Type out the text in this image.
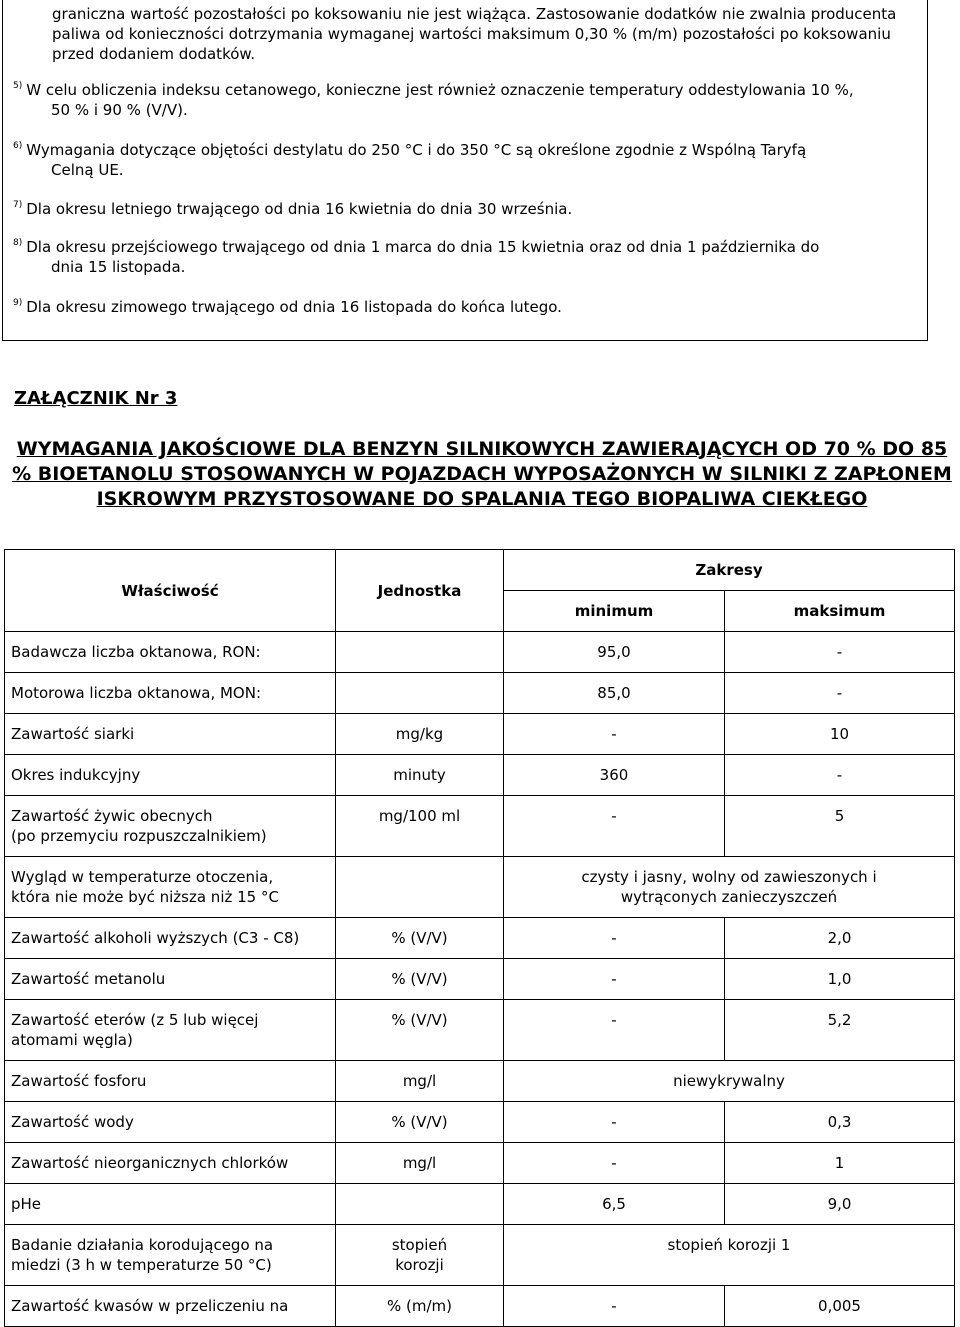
graniczna wartość pozostałości po koksowaniu nie jest wiążąca. Zastosowanie dodatków nie zwalnia producenta paliwa od konieczności dotrzymania wymaganej wartości maksimum 0,30 % (m/m) pozostałości po koksowaniu przed dodaniem dodatków.

$^{5)}$ W celu obliczenia indeksu cetanowego, konieczne jest również oznaczenie temperatury oddestylowania 10 %,
50 % i 90 % (V/V).

$^{6)}$ Wymagania dotyczące objętości destylatu do 250 °C i do 350 °C są określone zgodnie z Wspólną Taryfą
Celną UE.

$^{7)}$ Dla okresu letniego trwającego od dnia 16 kwietnia do dnia 30 września.

$^{8)}$ Dla okresu przejściowego trwającego od dnia 1 marca do dnia 15 kwietnia oraz od dnia 1 października do
dnia 15 listopada.

$^{9)}$ Dla okresu zimowego trwającego od dnia 16 listopada do końca lutego.

ZAŁĄCZNIK Nr 3
WYMAGANIA JAKOŚCIOWE DLA BENZYN SILNIKOWYCH ZAWIERAJĄCYCH OD 70 % DO 85 % BIOETANOLU STOSOWANYCH W POJAZDACH WYPOSAŻONYCH W SILNIKI Z ZAPŁONEM ISKROWYM PRZYSTOSOWANE DO SPALANIA TEGO BIOPALIWA CIEKŁEGO
Właściwość	Jednostka	Zakresy	
		minimum	maksimum
Badawcza liczba oktanowa, RON:		95,0	-
Motorowa liczba oktanowa, MON:		85,0	-
Zawartość siarki	mg/kg	-	10
Okres indukcyjny	minuty	360	-
Zawartość żywic obecnych
(po przemyciu rozpuszczalnikiem)	mg/100 ml	-	5
Wygląd w temperaturze otoczenia,
która nie może być niższa niż 15 °C		czysty i jasny, wolny od zawieszonych i
wytrąconych zanieczyszczeń	
Zawartość alkoholi wyższych (C3 - C8)	% (V/V)	-	2,0
Zawartość metanolu	% (V/V)	-	1,0
Zawartość eterów (z 5 lub więcej
atomami węgla)	% (V/V)	-	5,2
Zawartość fosforu	mg/l	niewykrywalny	
Zawartość wody	% (V/V)	-	0,3
Zawartość nieorganicznych chlorków	mg/l	-	1
pHe		6,5	9,0
Badanie działania korodującego na
miedzi (3 h w temperaturze 50 °C)	stopień
korozji	stopień korozji 1	
Zawartość kwasów w przeliczeniu na	% (m/m)	-	0,005
